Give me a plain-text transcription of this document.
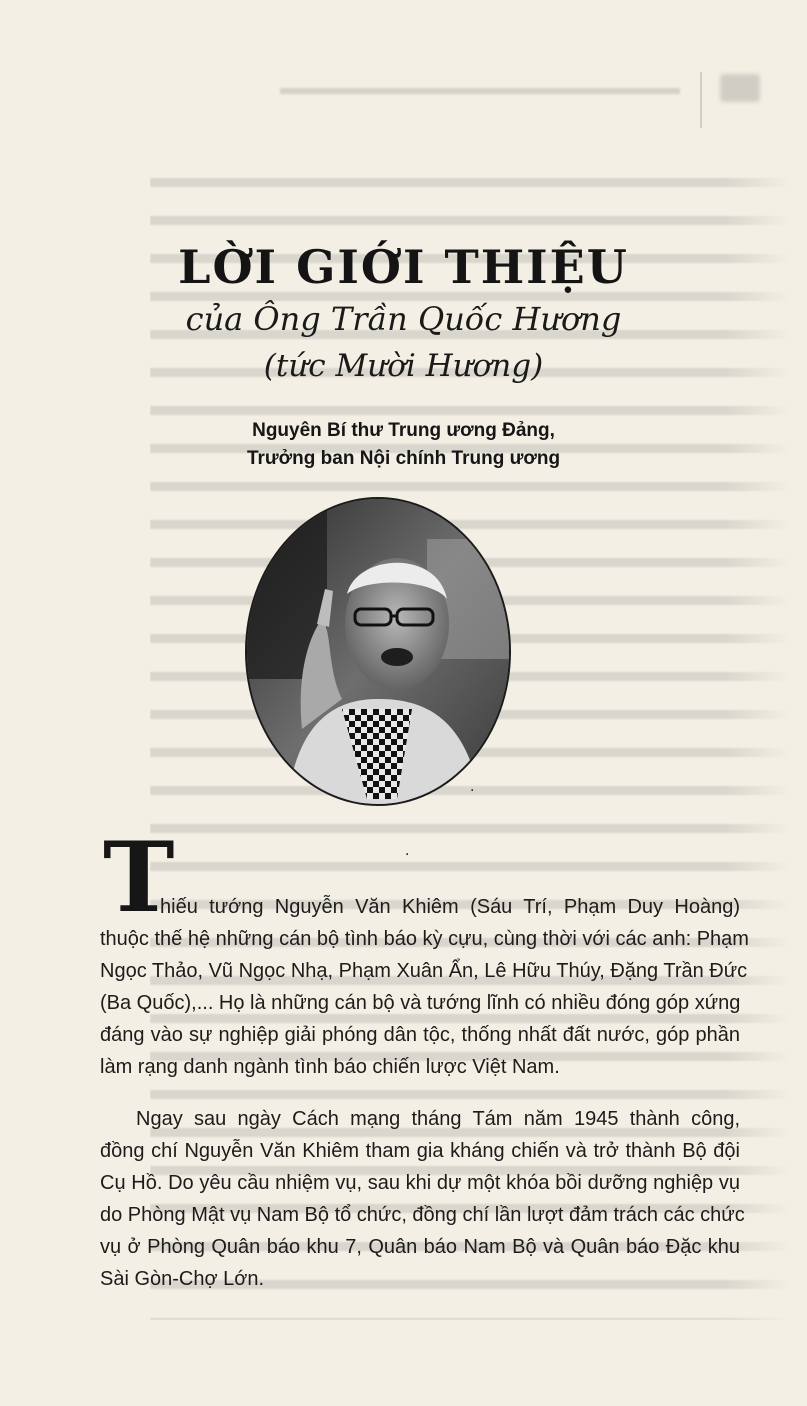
LỜI GIỚI THIỆU
của Ông Trần Quốc Hương
(tức Mười Hương)
Nguyên Bí thư Trung ương Đảng,
Trưởng ban Nội chính Trung ương
.
.
T
hiếu tướng Nguyễn Văn Khiêm (Sáu Trí, Phạm Duy Hoàng)
thuộc thế hệ những cán bộ tình báo kỳ cựu, cùng thời với các anh: Phạm
Ngọc Thảo, Vũ Ngọc Nhạ, Phạm Xuân Ẩn, Lê Hữu Thúy, Đặng Trần Đức
(Ba Quốc),... Họ là những cán bộ và tướng lĩnh có nhiều đóng góp xứng
đáng vào sự nghiệp giải phóng dân tộc, thống nhất đất nước, góp phần
làm rạng danh ngành tình báo chiến lược Việt Nam.
Ngay sau ngày Cách mạng tháng Tám năm 1945 thành công,
đồng chí Nguyễn Văn Khiêm tham gia kháng chiến và trở thành Bộ đội
Cụ Hồ. Do yêu cầu nhiệm vụ, sau khi dự một khóa bồi dưỡng nghiệp vụ
do Phòng Mật vụ Nam Bộ tổ chức, đồng chí lần lượt đảm trách các chức
vụ ở Phòng Quân báo khu 7, Quân báo Nam Bộ và Quân báo Đặc khu
Sài Gòn-Chợ Lớn.
